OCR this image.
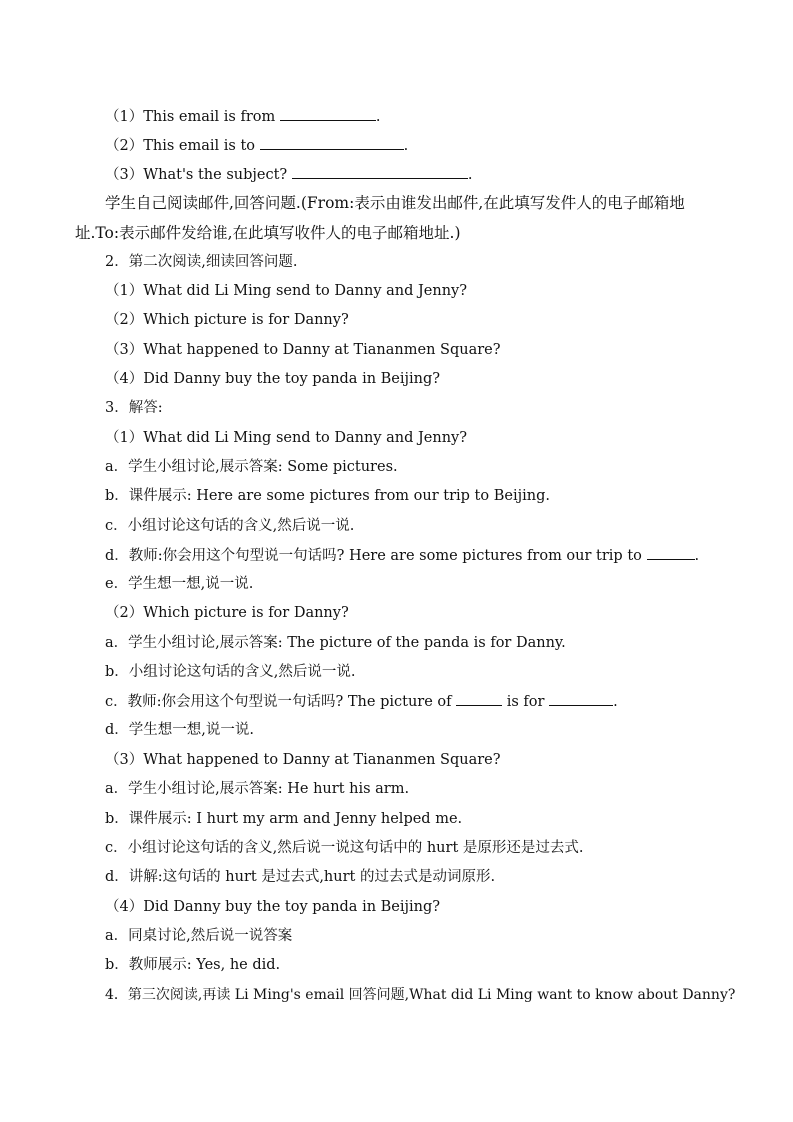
（1）This email is from	.
（2）This email is to	.
（3）What's the subject?	.
学生自己阅读邮件,回答问题.(From:表示由谁发出邮件,在此填写发件人的电子邮箱地
址.To:表示邮件发给谁,在此填写收件人的电子邮箱地址.)
2．第二次阅读,细读回答问题.
（1）What did Li Ming send to Danny and Jenny?
（2）Which picture is for Danny?
（3）What happened to Danny at Tiananmen Square?
（4）Did Danny buy the toy panda in Beijing?
3．解答:
（1）What did Li Ming send to Danny and Jenny?
a．学生小组讨论,展示答案: Some pictures.
b．课件展示: Here are some pictures from our trip to Beijing.
c．小组讨论这句话的含义,然后说一说.
d．教师:你会用这个句型说一句话吗? Here are some pictures from our trip to	.
e．学生想一想,说一说.
（2）Which picture is for Danny?
a．学生小组讨论,展示答案: The picture of the panda is for Danny.
b．小组讨论这句话的含义,然后说一说.
c．教师:你会用这个句型说一句话吗? The picture of	is for	.
d．学生想一想,说一说.
（3）What happened to Danny at Tiananmen Square?
a．学生小组讨论,展示答案: He hurt his arm.
b．课件展示: I hurt my arm and Jenny helped me.
c．小组讨论这句话的含义,然后说一说这句话中的 hurt 是原形还是过去式.
d．讲解:这句话的 hurt 是过去式,hurt 的过去式是动词原形.
（4）Did Danny buy the toy panda in Beijing?
a．同桌讨论,然后说一说答案
b．教师展示: Yes, he did.
4．第三次阅读,再读 Li Ming's email 回答问题,What did Li Ming want to know about Danny?
